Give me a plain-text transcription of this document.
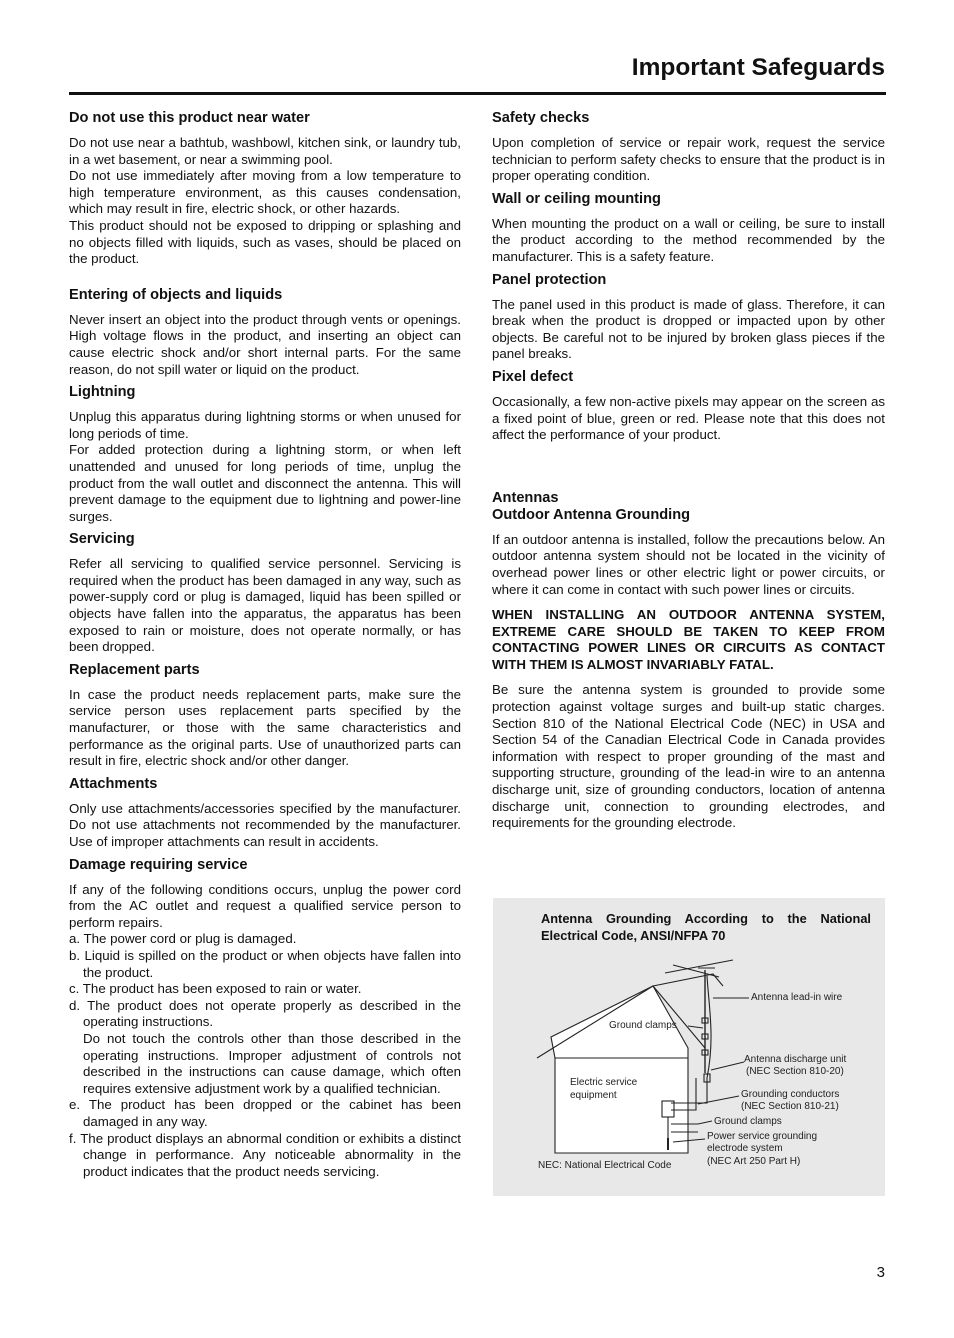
Important Safeguards
Do not use this product near water

Do not use near a bathtub, washbowl, kitchen sink, or laundry tub, in a wet basement, or near a swimming pool.

Do not use immediately after moving from a low temperature to high temperature environment, as this causes condensation, which may result in fire, electric shock, or other hazards.

This product should not be exposed to dripping or splashing and no objects filled with liquids, such as vases, should be placed on the product.

Entering of objects and liquids

Never insert an object into the product through vents or openings. High voltage flows in the product, and inserting an object can cause electric shock and/or short internal parts. For the same reason, do not spill water or liquid on the product.

Lightning

Unplug this apparatus during lightning storms or when unused for long periods of time.

For added protection during a lightning storm, or when left unattended and unused for long periods of time, unplug the product from the wall outlet and disconnect the antenna. This will prevent damage to the equipment due to lightning and power-line surges.

Servicing

Refer all servicing to qualified service personnel. Servicing is required when the product has been damaged in any way, such as power-supply cord or plug is damaged, liquid has been spilled or objects have fallen into the apparatus, the apparatus has been exposed to rain or moisture, does not operate normally, or has been dropped.

Replacement parts

In case the product needs replacement parts, make sure the service person uses replacement parts specified by the manufacturer, or those with the same characteristics and performance as the original parts. Use of unauthorized parts can result in fire, electric shock and/or other danger.

Attachments

Only use attachments/accessories specified by the manufacturer. Do not use attachments not recommended by the manufacturer. Use of improper attachments can result in accidents.

Damage requiring service

If any of the following conditions occurs, unplug the power cord from the AC outlet and request a qualified service person to perform repairs.

a. The power cord or plug is damaged.
b. Liquid is spilled on the product or when objects have fallen into the product.
c. The product has been exposed to rain or water.
d. The product does not operate properly as described in the operating instructions.
Do not touch the controls other than those described in the operating instructions. Improper adjustment of controls not described in the instructions can cause damage, which often requires extensive adjustment work by a qualified technician.
e. The product has been dropped or the cabinet has been damaged in any way.
f. The product displays an abnormal condition or exhibits a distinct change in performance. Any noticeable abnormality in the product indicates that the product needs servicing.
Safety checks

Upon completion of service or repair work, request the service technician to perform safety checks to ensure that the product is in proper operating condition.

Wall or ceiling mounting

When mounting the product on a wall or ceiling, be sure to install the product according to the method recommended by the manufacturer. This is a safety feature.

Panel protection

The panel used in this product is made of glass. Therefore, it can break when the product is dropped or impacted upon by other objects. Be careful not to be injured by broken glass pieces if the panel breaks.

Pixel defect

Occasionally, a few non-active pixels may appear on the screen as a fixed point of blue, green or red. Please note that this does not affect the performance of your product.

Antennas
Outdoor Antenna Grounding

If an outdoor antenna is installed, follow the precautions below. An outdoor antenna system should not be located in the vicinity of overhead power lines or other electric light or power circuits, or where it can come in contact with such power lines or circuits.

WHEN INSTALLING AN OUTDOOR ANTENNA SYSTEM, EXTREME CARE SHOULD BE TAKEN TO KEEP FROM CONTACTING POWER LINES OR CIRCUITS AS CONTACT WITH THEM IS ALMOST INVARIABLY FATAL.

Be sure the antenna system is grounded to provide some protection against voltage surges and built-up static charges. Section 810 of the National Electrical Code (NEC) in USA and Section 54 of the Canadian Electrical Code in Canada provides information with respect to proper grounding of the mast and supporting structure, grounding of the lead-in wire to an antenna discharge unit, size of grounding conductors, location of antenna discharge unit, connection to grounding electrodes, and requirements for the grounding electrode.

Antenna Grounding According to the National Electrical Code, ANSI/NFPA 70

Antenna lead-in wire
Ground clamps
Antenna discharge unit
(NEC Section 810-20)
Electric service
equipment	Grounding conductors
(NEC Section 810-21)
Ground clamps
Power service grounding
electrode system
(NEC Art 250 Part H)
NEC: National Electrical Code
3
